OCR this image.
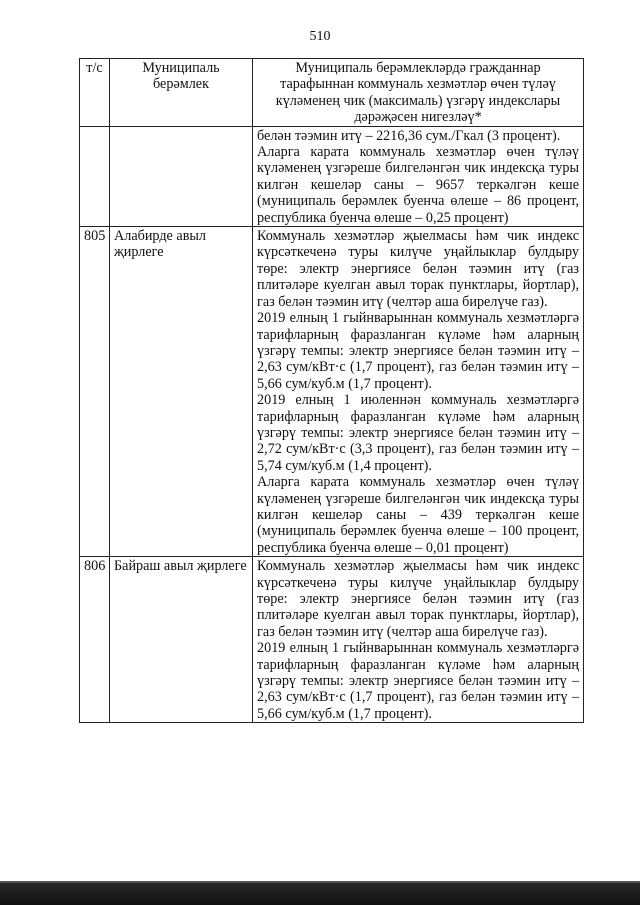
510
т/с	Муниципаль берәмлек	Муниципаль берәмлекләрдә гражданнар тарафыннан коммуналь хезмәтләр өчен түләү күләменең чик (максималь) үзгәрү индекслары дәрәҗәсен нигезләү*

		белән тәэмин итү – 2216,36 сум./Гкал (3 процент).

Аларга карата коммуналь хезмәтләр өчен түләү күләменең үзгәреше билгеләнгән чик индексқа туры килгән кешеләр саны – 9657 теркәлгән кеше (муниципаль берәмлек буенча өлеше – 86 процент, республика буенча өлеше – 0,25 процент)

805	Алабирде авыл җирлеге	Коммуналь хезмәтләр җыелмасы һәм чик индекс күрсәткеченә туры килүче уңайлыклар булдыру төре: электр энергиясе белән тәэмин итү (газ плитәләре куелган авыл торак пунктлары, йортлар), газ белән тәэмин итү (челтәр аша бирелүче газ).

2019 елның 1 гыйнварыннан коммуналь хезмәтләргә тарифларның фаразланган күләме һәм аларның үзгәрү темпы: электр энергиясе белән тәэмин итү – 2,63 сум/кВт·с (1,7 процент), газ белән тәэмин итү – 5,66 сум/куб.м (1,7 процент).

2019 елның 1 июленнән коммуналь хезмәтләргә тарифларның фаразланган күләме һәм аларның үзгәрү темпы: электр энергиясе белән тәэмин итү – 2,72 сум/кВт·с (3,3 процент), газ белән тәэмин итү – 5,74 сум/куб.м (1,4 процент).

Аларга карата коммуналь хезмәтләр өчен түләү күләменең үзгәреше билгеләнгән чик индексқа туры килгән кешеләр саны – 439 теркәлгән кеше (муниципаль берәмлек буенча өлеше – 100 процент, республика буенча өлеше – 0,01 процент)

806	Байраш авыл җирлеге	Коммуналь хезмәтләр җыелмасы һәм чик индекс күрсәткеченә туры килүче уңайлыклар булдыру төре: электр энергиясе белән тәэмин итү (газ плитәләре куелган авыл торак пунктлары, йортлар), газ белән тәэмин итү (челтәр аша бирелүче газ).

2019 елның 1 гыйнварыннан коммуналь хезмәтләргә тарифларның фаразланган күләме һәм аларның үзгәрү темпы: электр энергиясе белән тәэмин итү – 2,63 сум/кВт·с (1,7 процент), газ белән тәэмин итү – 5,66 сум/куб.м (1,7 процент).
